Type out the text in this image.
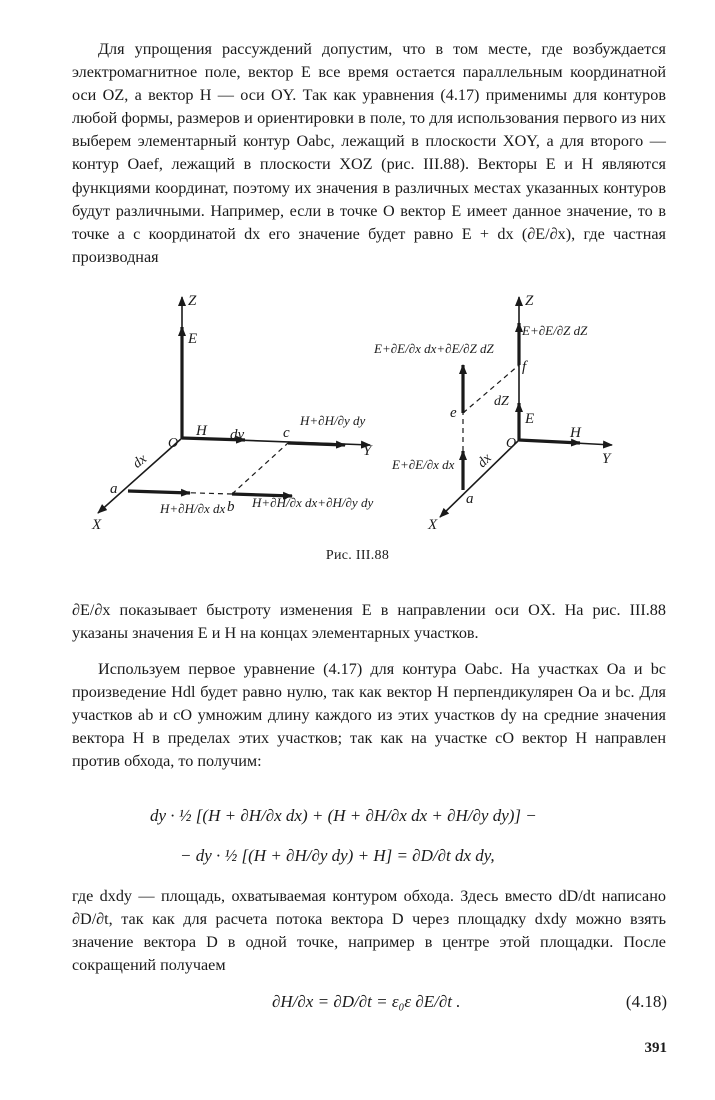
Для упрощения рассуждений допустим, что в том месте, где возбуждается электромагнитное поле, вектор E все время остается параллельным координатной оси OZ, а вектор H — оси OY. Так как уравнения (4.17) применимы для контуров любой формы, размеров и ориентировки в поле, то для использования первого из них выберем элементарный контур Oabc, лежащий в плоскости XOY, а для второго — контур Oaef, лежащий в плоскости XOZ (рис. III.88). Векторы E и H являются функциями координат, поэтому их значения в различных местах указанных контуров будут различными. Например, если в точке O вектор E имеет данное значение, то в точке a с координатой dx его значение будет равно E + dx (∂E/∂x), где частная производная

Z
E
O
H dy
dx
c
Y
a
b
X
H+∂H/∂y dy
H+∂H/∂x dx H+∂H/∂x dx+∂H/∂y dy
Z
E
O
H
Y
dx
dZ
f
e
a
X
E+∂E/∂Z dZ
E+∂E/∂x dx+∂E/∂Z dZ
E+∂E/∂x dx
Рис. III.88

∂E/∂x показывает быстроту изменения E в направлении оси OX. На рис. III.88 указаны значения E и H на концах элементарных участков.

Используем первое уравнение (4.17) для контура Oabc. На участках Oa и bc произведение Hdl будет равно нулю, так как вектор H перпендикулярен Oa и bc. Для участков ab и cO умножим длину каждого из этих участков dy на средние значения вектора H в пределах этих участков; так как на участке cO вектор H направлен против обхода, то получим:

dy · ½ [(H + ∂H/∂x dx) + (H + ∂H/∂x dx + ∂H/∂y dy)] −
− dy · ½ [(H + ∂H/∂y dy) + H] = ∂D/∂t dx dy,

где dxdy — площадь, охватываемая контуром обхода. Здесь вместо dD/dt написано ∂D/∂t, так как для расчета потока вектора D через площадку dxdy можно взять значение вектора D в одной точке, например в центре этой площадки. После сокращений получаем

∂H/∂x = ∂D/∂t = ε₀ε ∂E/∂t .	(4.18)
391
